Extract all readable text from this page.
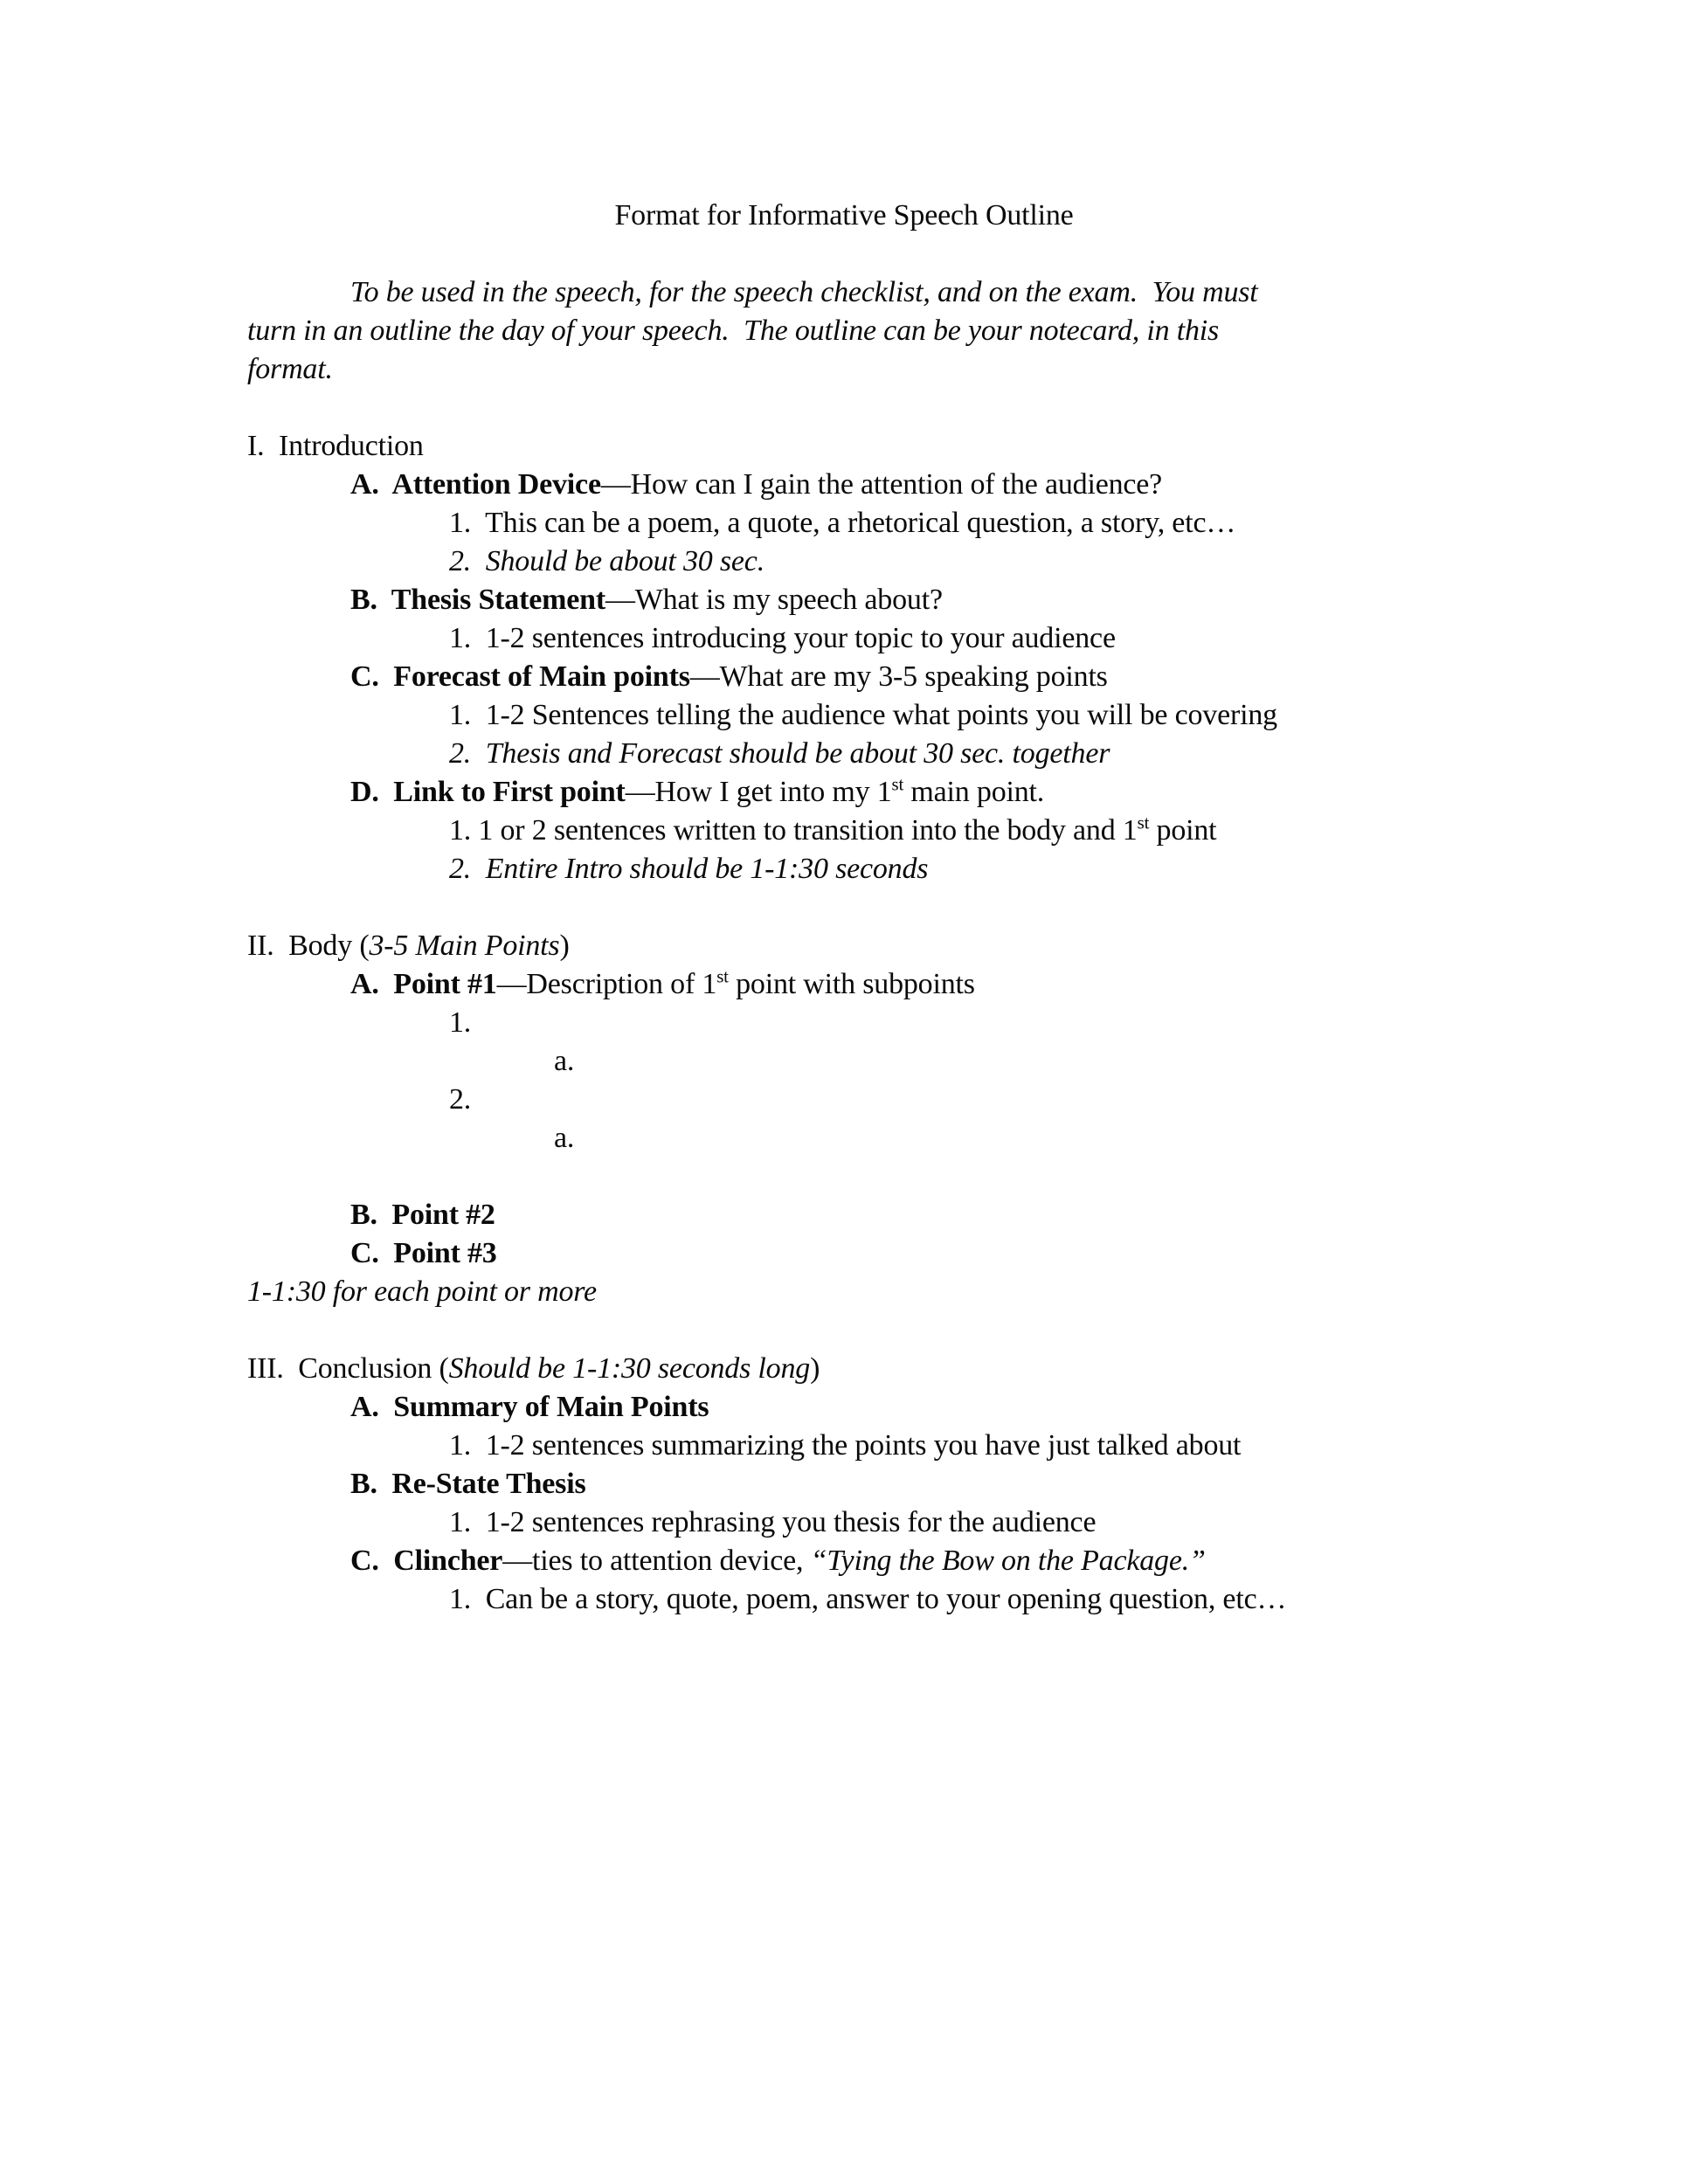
Format for Informative Speech Outline
To be used in the speech, for the speech checklist, and on the exam.  You must
turn in an outline the day of your speech.  The outline can be your notecard, in this
format.
I.  Introduction
A.  Attention Device—How can I gain the attention of the audience?
1.  This can be a poem, a quote, a rhetorical question, a story, etc…
2.  Should be about 30 sec.
B.  Thesis Statement—What is my speech about?
1.  1-2 sentences introducing your topic to your audience
C.  Forecast of Main points—What are my 3-5 speaking points
1.  1-2 Sentences telling the audience what points you will be covering
2.  Thesis and Forecast should be about 30 sec. together
D.  Link to First point—How I get into my 1st main point.
1. 1 or 2 sentences written to transition into the body and 1st point
2.  Entire Intro should be 1-1:30 seconds
II.  Body (3-5 Main Points)
A.  Point #1—Description of 1st point with subpoints
1.
a.
2.
a.
B.  Point #2
C.  Point #3
1-1:30 for each point or more
III.  Conclusion (Should be 1-1:30 seconds long)
A.  Summary of Main Points
1.  1-2 sentences summarizing the points you have just talked about
B.  Re-State Thesis
1.  1-2 sentences rephrasing you thesis for the audience
C.  Clincher—ties to attention device, “Tying the Bow on the Package.”
1.  Can be a story, quote, poem, answer to your opening question, etc…
